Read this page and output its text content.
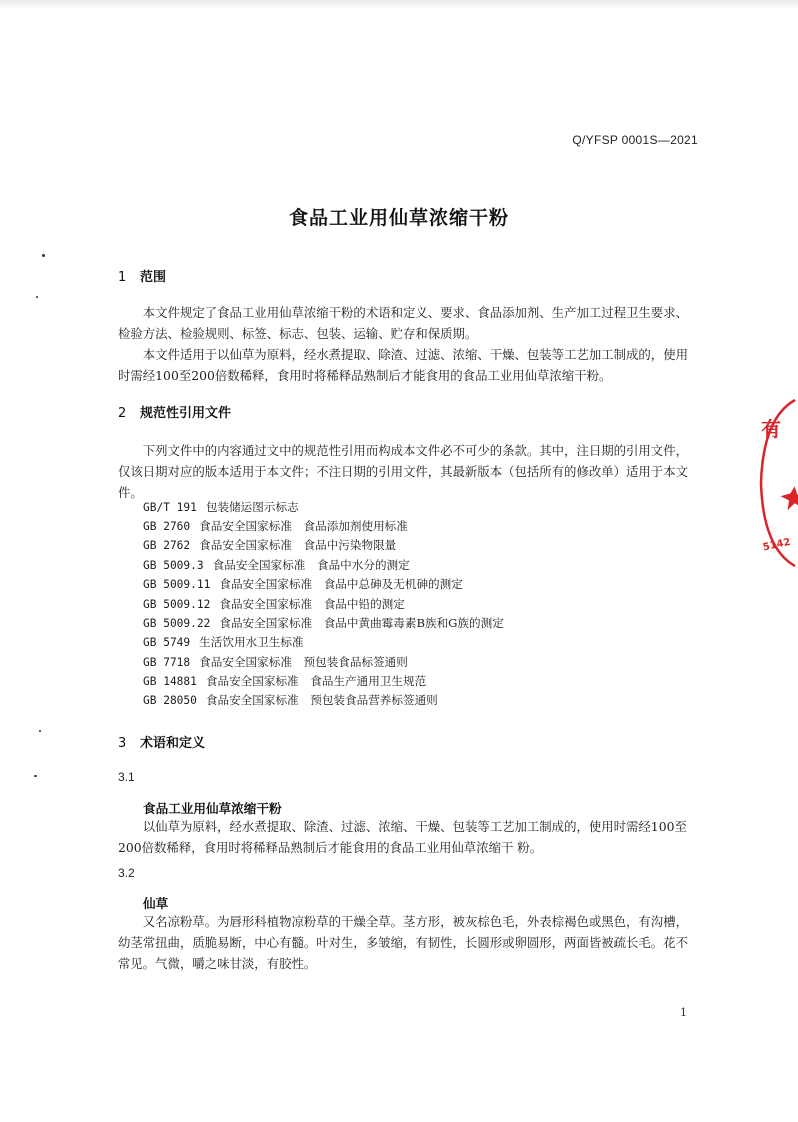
Q/YFSP 0001S—2021
食品工业用仙草浓缩干粉
1 范围
本文件规定了食品工业用仙草浓缩干粉的术语和定义、要求、食品添加剂、生产加工过程卫生要求、检验方法、检验规则、标签、标志、包装、运输、贮存和保质期。
本文件适用于以仙草为原料，经水煮提取、除渣、过滤、浓缩、干燥、包装等工艺加工制成的，使用时需经100至200倍数稀释，食用时将稀释品熟制后才能食用的食品工业用仙草浓缩干粉。
2 规范性引用文件
下列文件中的内容通过文中的规范性引用而构成本文件必不可少的条款。其中，注日期的引用文件，仅该日期对应的版本适用于本文件；不注日期的引用文件，其最新版本（包括所有的修改单）适用于本文件。
GB/T 191 包装储运图示标志
GB 2760 食品安全国家标准　食品添加剂使用标准
GB 2762 食品安全国家标准　食品中污染物限量
GB 5009.3 食品安全国家标准　食品中水分的测定
GB 5009.11 食品安全国家标准　食品中总砷及无机砷的测定
GB 5009.12 食品安全国家标准　食品中铅的测定
GB 5009.22 食品安全国家标准　食品中黄曲霉毒素B族和G族的测定
GB 5749 生活饮用水卫生标准
GB 7718 食品安全国家标准　预包装食品标签通则
GB 14881 食品安全国家标准　食品生产通用卫生规范
GB 28050 食品安全国家标准　预包装食品营养标签通则
3 术语和定义
3.1
食品工业用仙草浓缩干粉
以仙草为原料，经水煮提取、除渣、过滤、浓缩、干燥、包装等工艺加工制成的，使用时需经100至200倍数稀释，食用时将稀释品熟制后才能食用的食品工业用仙草浓缩干 粉。
3.2
仙草
又名凉粉草。为唇形科植物凉粉草的干燥全草。茎方形，被灰棕色毛，外表棕褐色或黑色，有沟槽，幼茎常扭曲，质脆易断，中心有髓。叶对生，多皱缩，有韧性，长圆形或卵圆形，两面皆被疏长毛。花不常见。气微，嚼之味甘淡，有胶性。
1
有
5142
